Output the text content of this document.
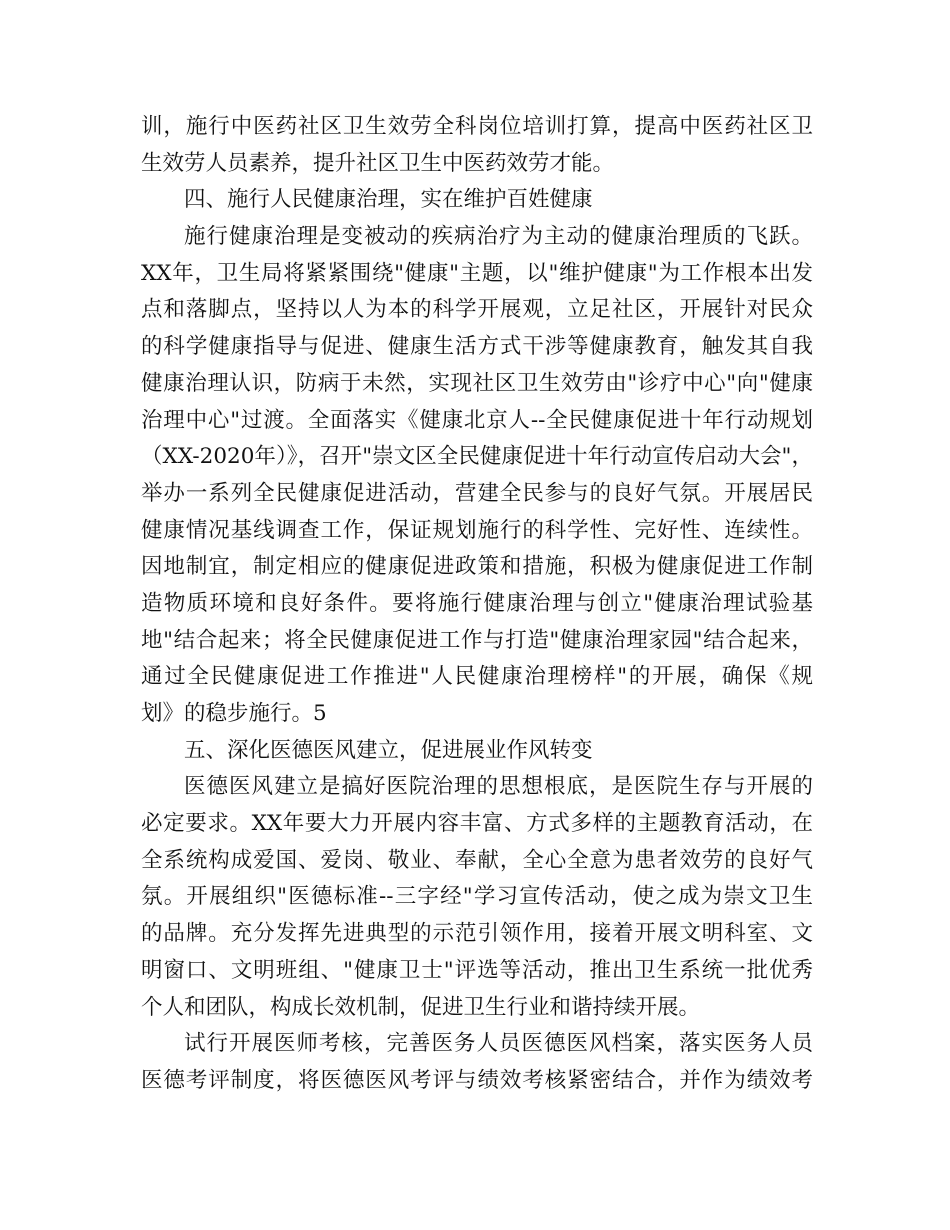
训，施行中医药社区卫生效劳全科岗位培训打算，提高中医药社区卫
生效劳人员素养，提升社区卫生中医药效劳才能。
四、施行人民健康治理，实在维护百姓健康
施行健康治理是变被动的疾病治疗为主动的健康治理质的飞跃。
XX年，卫生局将紧紧围绕"健康"主题，以"维护健康"为工作根本出发
点和落脚点，坚持以人为本的科学开展观，立足社区，开展针对民众
的科学健康指导与促进、健康生活方式干涉等健康教育，触发其自我
健康治理认识，防病于未然，实现社区卫生效劳由"诊疗中心"向"健康
治理中心"过渡。全面落实《健康北京人--全民健康促进十年行动规划
（XX-2020年）》，召开"崇文区全民健康促进十年行动宣传启动大会"，
举办一系列全民健康促进活动，营建全民参与的良好气氛。开展居民
健康情况基线调查工作，保证规划施行的科学性、完好性、连续性。
因地制宜，制定相应的健康促进政策和措施，积极为健康促进工作制
造物质环境和良好条件。要将施行健康治理与创立"健康治理试验基
地"结合起来；将全民健康促进工作与打造"健康治理家园"结合起来，
通过全民健康促进工作推进"人民健康治理榜样"的开展，确保《规
划》的稳步施行。5
五、深化医德医风建立，促进展业作风转变
医德医风建立是搞好医院治理的思想根底，是医院生存与开展的
必定要求。XX年要大力开展内容丰富、方式多样的主题教育活动，在
全系统构成爱国、爱岗、敬业、奉献，全心全意为患者效劳的良好气
氛。开展组织"医德标准--三字经"学习宣传活动，使之成为崇文卫生
的品牌。充分发挥先进典型的示范引领作用，接着开展文明科室、文
明窗口、文明班组、"健康卫士"评选等活动，推出卫生系统一批优秀
个人和团队，构成长效机制，促进卫生行业和谐持续开展。
试行开展医师考核，完善医务人员医德医风档案，落实医务人员
医德考评制度，将医德医风考评与绩效考核紧密结合，并作为绩效考
